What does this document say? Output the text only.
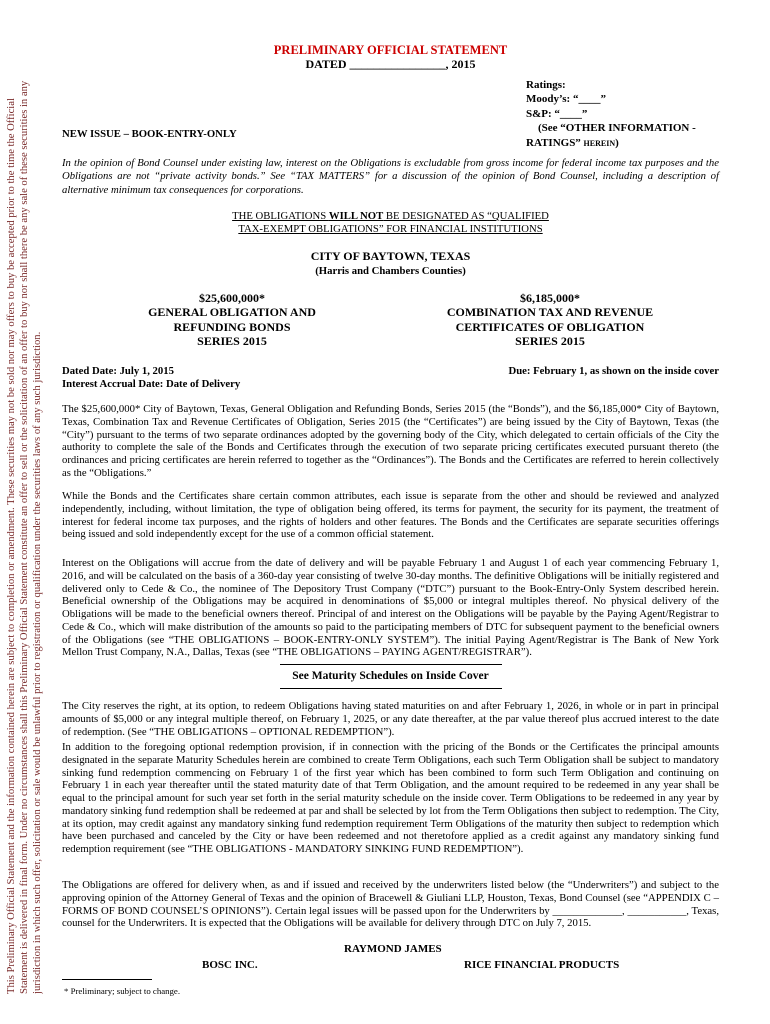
This Preliminary Official Statement and the information contained herein are subject to completion or amendment. These securities may not be sold nor may offers to buy be accepted prior to the time the Official Statement is delivered in final form. Under no circumstances shall this Preliminary Official Statement constitute an offer to sell or the solicitation of an offer to buy nor shall there be any sale of these securities in any jurisdiction in which such offer, solicitation or sale would be unlawful prior to registration or qualification under the securities laws of any such jurisdiction.
PRELIMINARY OFFICIAL STATEMENT
DATED ________________, 2015
Ratings:
Moody’s: “____”
S&P: “____”
(See “OTHER INFORMATION -
RATINGS” herein)
NEW ISSUE – BOOK-ENTRY-ONLY
In the opinion of Bond Counsel under existing law, interest on the Obligations is excludable from gross income for federal income tax purposes and the Obligations are not “private activity bonds.” See “TAX MATTERS” for a discussion of the opinion of Bond Counsel, including a description of alternative minimum tax consequences for corporations.
THE OBLIGATIONS WILL NOT BE DESIGNATED AS “QUALIFIED
TAX-EXEMPT OBLIGATIONS” FOR FINANCIAL INSTITUTIONS
CITY OF BAYTOWN, TEXAS
(Harris and Chambers Counties)
$25,600,000*
GENERAL OBLIGATION AND
REFUNDING BONDS
SERIES 2015
$6,185,000*
COMBINATION TAX AND REVENUE
CERTIFICATES OF OBLIGATION
SERIES 2015
Dated Date: July 1, 2015
Interest Accrual Date: Date of Delivery
Due: February 1, as shown on the inside cover
The $25,600,000* City of Baytown, Texas, General Obligation and Refunding Bonds, Series 2015 (the “Bonds”), and the $6,185,000* City of Baytown, Texas, Combination Tax and Revenue Certificates of Obligation, Series 2015 (the “Certificates”) are being issued by the City of Baytown, Texas (the “City”) pursuant to the terms of two separate ordinances adopted by the governing body of the City, which delegated to certain officials of the City the authority to complete the sale of the Bonds and Certificates through the execution of two separate pricing certificates executed pursuant thereto (the ordinances and pricing certificates are herein referred to together as the “Ordinances”). The Bonds and the Certificates are referred to herein collectively as the “Obligations.”
While the Bonds and the Certificates share certain common attributes, each issue is separate from the other and should be reviewed and analyzed independently, including, without limitation, the type of obligation being offered, its terms for payment, the security for its payment, the treatment of interest for federal income tax purposes, and the rights of holders and other features. The Bonds and the Certificates are separate securities offerings being issued and sold independently except for the use of a common official statement.
Interest on the Obligations will accrue from the date of delivery and will be payable February 1 and August 1 of each year commencing February 1, 2016, and will be calculated on the basis of a 360-day year consisting of twelve 30-day months. The definitive Obligations will be initially registered and delivered only to Cede & Co., the nominee of The Depository Trust Company (“DTC”) pursuant to the Book-Entry-Only System described herein. Beneficial ownership of the Obligations may be acquired in denominations of $5,000 or integral multiples thereof. No physical delivery of the Obligations will be made to the beneficial owners thereof. Principal of and interest on the Obligations will be payable by the Paying Agent/Registrar to Cede & Co., which will make distribution of the amounts so paid to the participating members of DTC for subsequent payment to the beneficial owners of the Obligations (see “THE OBLIGATIONS – BOOK-ENTRY-ONLY SYSTEM”). The initial Paying Agent/Registrar is The Bank of New York Mellon Trust Company, N.A., Dallas, Texas (see “THE OBLIGATIONS – PAYING AGENT/REGISTRAR”).
See Maturity Schedules on Inside Cover
The City reserves the right, at its option, to redeem Obligations having stated maturities on and after February 1, 2026, in whole or in part in principal amounts of $5,000 or any integral multiple thereof, on February 1, 2025, or any date thereafter, at the par value thereof plus accrued interest to the date of redemption. (See “THE OBLIGATIONS – OPTIONAL REDEMPTION”).
In addition to the foregoing optional redemption provision, if in connection with the pricing of the Bonds or the Certificates the principal amounts designated in the separate Maturity Schedules herein are combined to create Term Obligations, each such Term Obligation shall be subject to mandatory sinking fund redemption commencing on February 1 of the first year which has been combined to form such Term Obligation and continuing on February 1 in each year thereafter until the stated maturity date of that Term Obligation, and the amount required to be redeemed in any year shall be equal to the principal amount for such year set forth in the serial maturity schedule on the inside cover. Term Obligations to be redeemed in any year by mandatory sinking fund redemption shall be redeemed at par and shall be selected by lot from the Term Obligations then subject to redemption. The City, at its option, may credit against any mandatory sinking fund redemption requirement Term Obligations of the maturity then subject to redemption which have been purchased and canceled by the City or have been redeemed and not theretofore applied as a credit against any mandatory sinking fund redemption requirement (see “THE OBLIGATIONS - MANDATORY SINKING FUND REDEMPTION”).
The Obligations are offered for delivery when, as and if issued and received by the underwriters listed below (the “Underwriters”) and subject to the approving opinion of the Attorney General of Texas and the opinion of Bracewell & Giuliani LLP, Houston, Texas, Bond Counsel (see “APPENDIX C – FORMS OF BOND COUNSEL’S OPINIONS”). Certain legal issues will be passed upon for the Underwriters by _____________, ___________, Texas, counsel for the Underwriters. It is expected that the Obligations will be available for delivery through DTC on July 7, 2015.
RAYMOND JAMES
BOSC INC.	RICE FINANCIAL PRODUCTS
* Preliminary; subject to change.
